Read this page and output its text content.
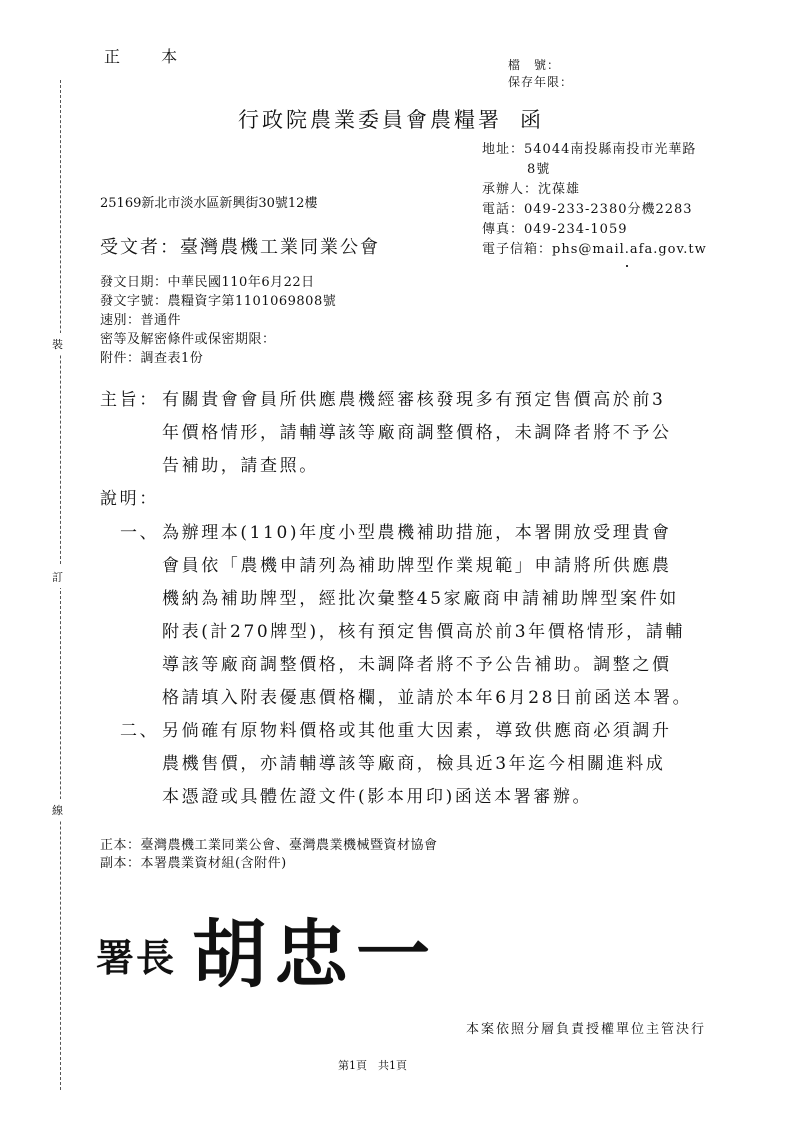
裝
訂
線
正 本	檔　號：
保存年限：
行政院農業委員會農糧署 函
地址：54044南投縣南投市光華路
8號
承辦人：沈葆雄
電話：049-233-2380分機2283
傳真：049-234-1059
電子信箱：phs@mail.afa.gov.tw
25169新北市淡水區新興街30號12樓
受文者：臺灣農機工業同業公會
發文日期：中華民國110年6月22日
發文字號：農糧資字第1101069808號
速別：普通件
密等及解密條件或保密期限：
附件：調查表1份
主旨： 有關貴會會員所供應農機經審核發現多有預定售價高於前3
年價格情形，請輔導該等廠商調整價格，未調降者將不予公
告補助，請查照。
說明：
一、 為辦理本(110)年度小型農機補助措施，本署開放受理貴會
會員依「農機申請列為補助牌型作業規範」申請將所供應農
機納為補助牌型，經批次彙整45家廠商申請補助牌型案件如
附表(計270牌型)，核有預定售價高於前3年價格情形，請輔
導該等廠商調整價格，未調降者將不予公告補助。調整之價
格請填入附表優惠價格欄，並請於本年6月28日前函送本署。
二、 另倘確有原物料價格或其他重大因素，導致供應商必須調升
農機售價，亦請輔導該等廠商，檢具近3年迄今相關進料成
本憑證或具體佐證文件(影本用印)函送本署審辦。
正本：臺灣農機工業同業公會、臺灣農業機械暨資材協會
副本：本署農業資材組(含附件)
署長 胡忠一
本案依照分層負責授權單位主管決行
第1頁　共1頁
